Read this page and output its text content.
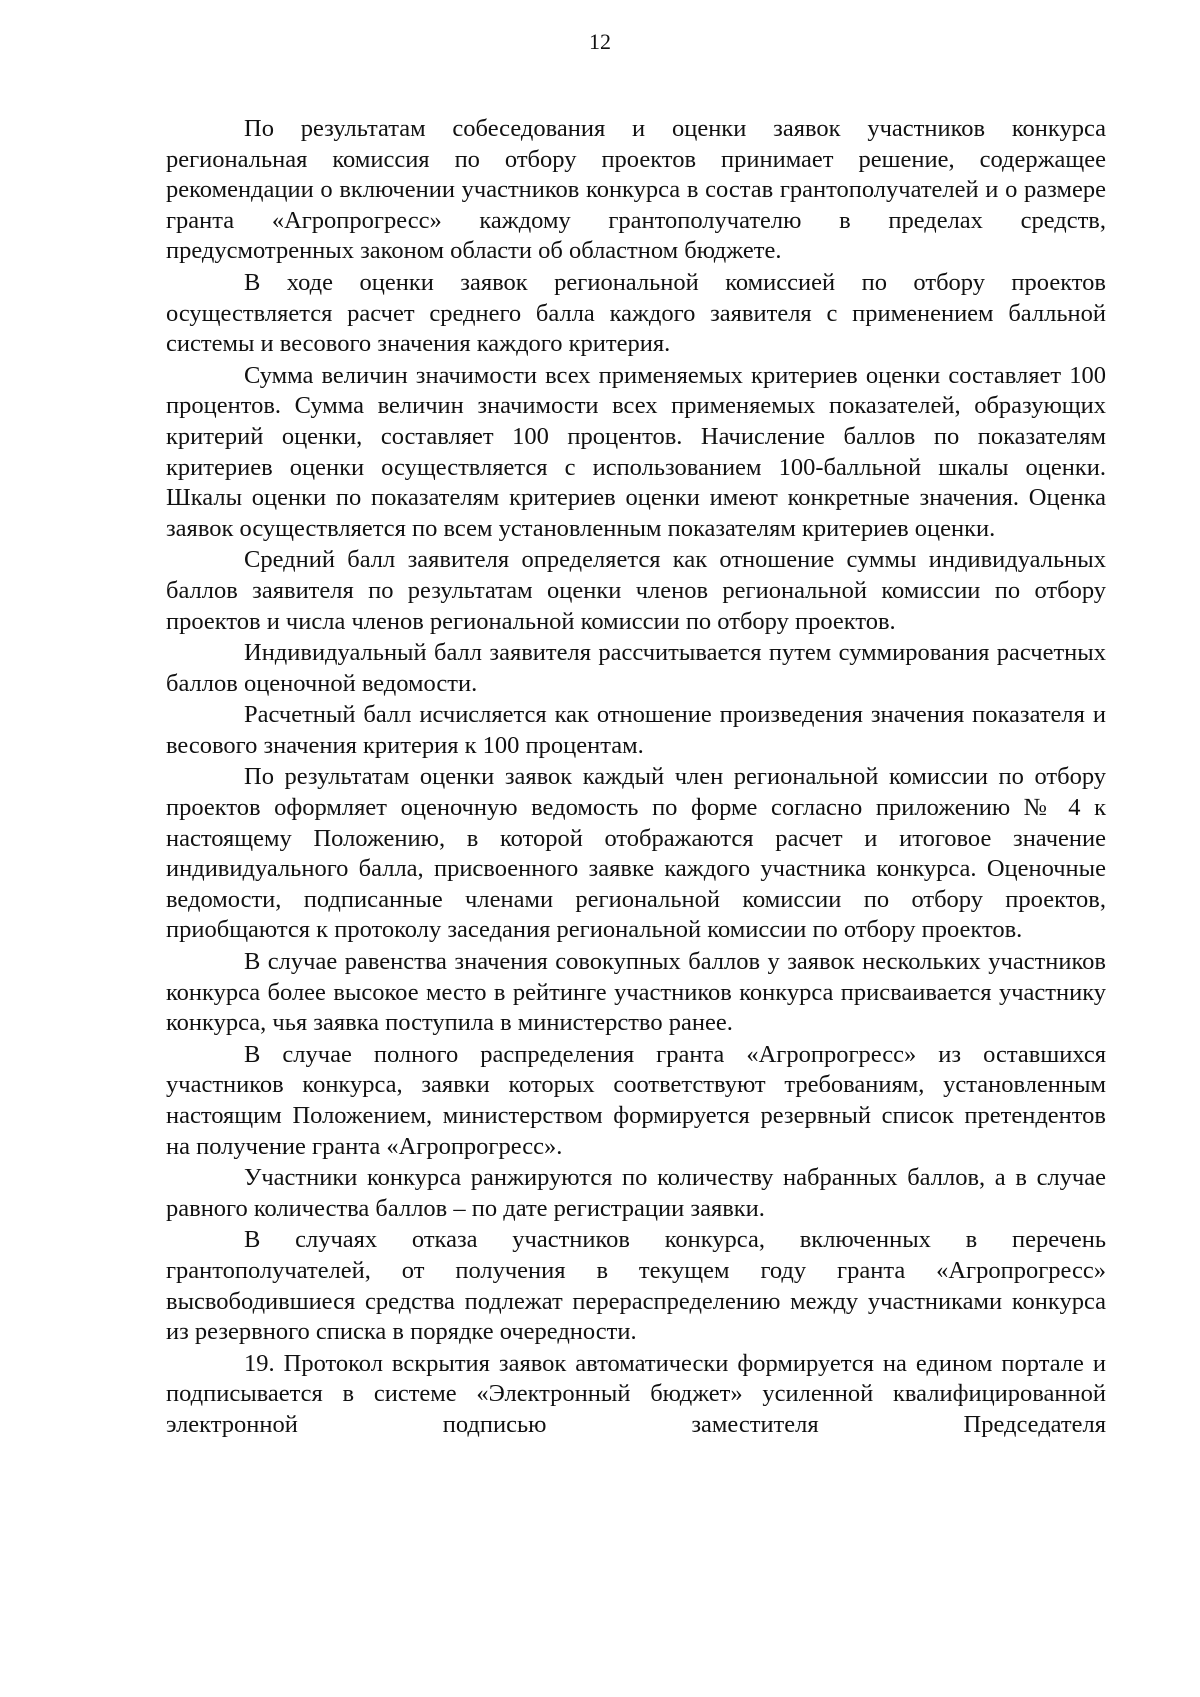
12

По результатам собеседования и оценки заявок участников конкурса региональная комиссия по отбору проектов принимает решение, содержащее рекомендации о включении участников конкурса в состав грантополучателей и о размере гранта «Агропрогресс» каждому грантополучателю в пределах средств, предусмотренных законом области об областном бюджете.

В ходе оценки заявок региональной комиссией по отбору проектов осуществляется расчет среднего балла каждого заявителя с применением балльной системы и весового значения каждого критерия.

Сумма величин значимости всех применяемых критериев оценки составляет 100 процентов. Сумма величин значимости всех применяемых показателей, образующих критерий оценки, составляет 100 процентов. Начисление баллов по показателям критериев оценки осуществляется с использованием 100-балльной шкалы оценки. Шкалы оценки по показателям критериев оценки имеют конкретные значения. Оценка заявок осуществляется по всем установленным показателям критериев оценки.

Средний балл заявителя определяется как отношение суммы индивидуальных баллов заявителя по результатам оценки членов региональной комиссии по отбору проектов и числа членов региональной комиссии по отбору проектов.

Индивидуальный балл заявителя рассчитывается путем суммирования расчетных баллов оценочной ведомости.

Расчетный балл исчисляется как отношение произведения значения показателя и весового значения критерия к 100 процентам.

По результатам оценки заявок каждый член региональной комиссии по отбору проектов оформляет оценочную ведомость по форме согласно приложению № 4 к настоящему Положению, в которой отображаются расчет и итоговое значение индивидуального балла, присвоенного заявке каждого участника конкурса. Оценочные ведомости, подписанные членами региональной комиссии по отбору проектов, приобщаются к протоколу заседания региональной комиссии по отбору проектов.

В случае равенства значения совокупных баллов у заявок нескольких участников конкурса более высокое место в рейтинге участников конкурса присваивается участнику конкурса, чья заявка поступила в министерство ранее.

В случае полного распределения гранта «Агропрогресс» из оставшихся участников конкурса, заявки которых соответствуют требованиям, установленным настоящим Положением, министерством формируется резервный список претендентов на получение гранта «Агропрогресс».

Участники конкурса ранжируются по количеству набранных баллов, а в случае равного количества баллов – по дате регистрации заявки.

В случаях отказа участников конкурса, включенных в перечень грантополучателей, от получения в текущем году гранта «Агропрогресс» высвободившиеся средства подлежат перераспределению между участниками конкурса из резервного списка в порядке очередности.

19. Протокол вскрытия заявок автоматически формируется на едином портале и подписывается в системе «Электронный бюджет» усиленной квалифицированной электронной подписью заместителя Председателя
